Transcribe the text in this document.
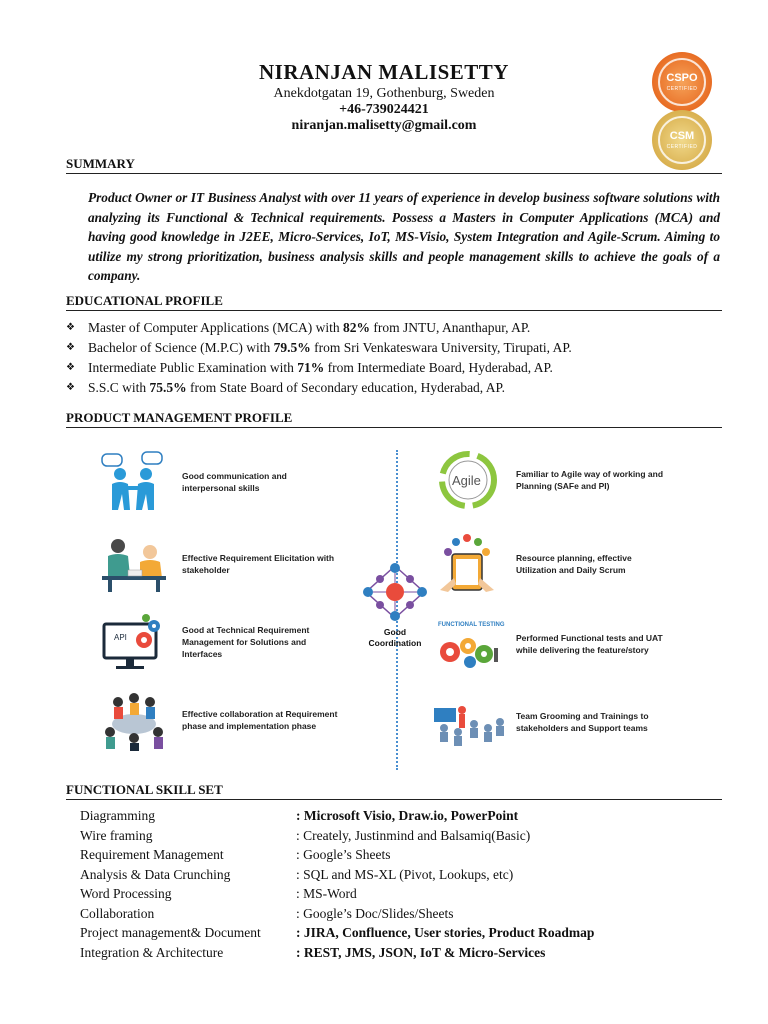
NIRANJAN MALISETTY
Anekdotgatan 19, Gothenburg, Sweden
+46-739024421
niranjan.malisetty@gmail.com
CSPO
CERTIFIED
CSM
CERTIFIED
SUMMARY
Product Owner or IT Business Analyst with over 11 years of experience in develop business software solutions with analyzing its Functional & Technical requirements. Possess a Masters in Computer Applications (MCA) and having good knowledge in J2EE, Micro-Services, IoT, MS-Visio, System Integration and Agile-Scrum. Aiming to utilize my strong prioritization, business analysis skills and people management skills to achieve the goals of a company.
EDUCATIONAL PROFILE
❖ Master of Computer Applications (MCA) with 82% from JNTU, Ananthapur, AP.
❖ Bachelor of Science (M.P.C) with 79.5% from Sri Venkateswara University, Tirupati, AP.
❖ Intermediate Public Examination with 71% from Intermediate Board, Hyderabad, AP.
❖ S.S.C with 75.5% from State Board of Secondary education, Hyderabad, AP.
PRODUCT MANAGEMENT PROFILE
Good communication and
interpersonal skills
Effective Requirement Elicitation with
stakeholder
API
Good at Technical Requirement
Management for Solutions and
Interfaces
Effective collaboration at Requirement
phase and implementation phase
Good
Coordination
Agile	Familiar to Agile way of working and
Planning (SAFe and PI)
Resource planning, effective
Utilization and Daily Scrum
FUNCTIONAL TESTING
Performed Functional tests and UAT
while delivering the feature/story
Team Grooming and Trainings to
stakeholders and Support teams
FUNCTIONAL SKILL SET
Diagramming	: Microsoft Visio, Draw.io, PowerPoint
Wire framing	: Creately, Justinmind and Balsamiq(Basic)
Requirement Management	: Google’s Sheets
Analysis & Data Crunching	: SQL and MS-XL (Pivot, Lookups, etc)
Word Processing	: MS-Word
Collaboration	: Google’s Doc/Slides/Sheets
Project management& Document	: JIRA, Confluence, User stories, Product Roadmap
Integration & Architecture	: REST, JMS, JSON, IoT & Micro-Services
